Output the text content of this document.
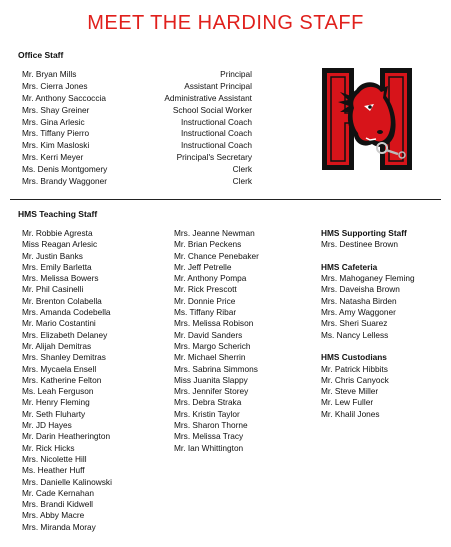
MEET THE HARDING STAFF
Office Staff
Mr. Bryan Mills	Principal
Mrs. Cierra Jones	Assistant Principal
Mr. Anthony Saccoccia	Administrative Assistant
Mrs. Shay Greiner	School Social Worker
Mrs. Gina Arlesic	Instructional Coach
Mrs. Tiffany Pierro	Instructional Coach
Mrs. Kim Masloski	Instructional Coach
Mrs. Kerri Meyer	Principal's Secretary
Ms. Denis Montgomery	Clerk
Mrs. Brandy Waggoner	Clerk
HMS Teaching Staff
Mr. Robbie Agresta
Miss Reagan Arlesic
Mr. Justin Banks
Mrs. Emily Barletta
Mrs. Melissa Bowers
Mr. Phil Casinelli
Mr. Brenton Colabella
Mrs. Amanda Codebella
Mr. Mario Costantini
Mrs. Elizabeth Delaney
Mr. Alijah Demitras
Mrs. Shanley Demitras
Mrs. Mycaela Ensell
Mrs. Katherine Felton
Ms. Leah Ferguson
Mr. Henry Fleming
Mr. Seth Fluharty
Mr. JD Hayes
Mr. Darin Heatherington
Mr. Rick Hicks
Mrs. Nicolette Hill
Ms. Heather Huff
Mrs. Danielle Kalinowski
Mr. Cade Kernahan
Mrs. Brandi Kidwell
Mrs. Abby Macre
Mrs. Miranda Moray
Mrs. Jeanne Newman
Mr. Brian Peckens
Mr. Chance Penebaker
Mr. Jeff Petrelle
Mr. Anthony Pompa
Mr. Rick Prescott
Mr. Donnie Price
Ms. Tiffany Ribar
Mrs. Melissa Robison
Mr. David Sanders
Mrs. Margo Scherich
Mr. Michael Sherrin
Mrs. Sabrina Simmons
Miss Juanita Slappy
Mrs. Jennifer Storey
Mrs. Debra Straka
Mrs. Kristin Taylor
Mrs. Sharon Thorne
Mrs. Melissa Tracy
Mr. Ian Whittington
HMS Supporting Staff
Mrs. Destinee Brown
HMS Cafeteria
Mrs. Mahoganey Fleming
Mrs. Daveisha Brown
Mrs. Natasha Birden
Mrs. Amy Waggoner
Mrs. Sheri Suarez
Ms. Nancy Lelless
HMS Custodians
Mr. Patrick Hibbits
Mr. Chris Canyock
Mr. Steve Miller
Mr. Lew Fuller
Mr. Khalil Jones
